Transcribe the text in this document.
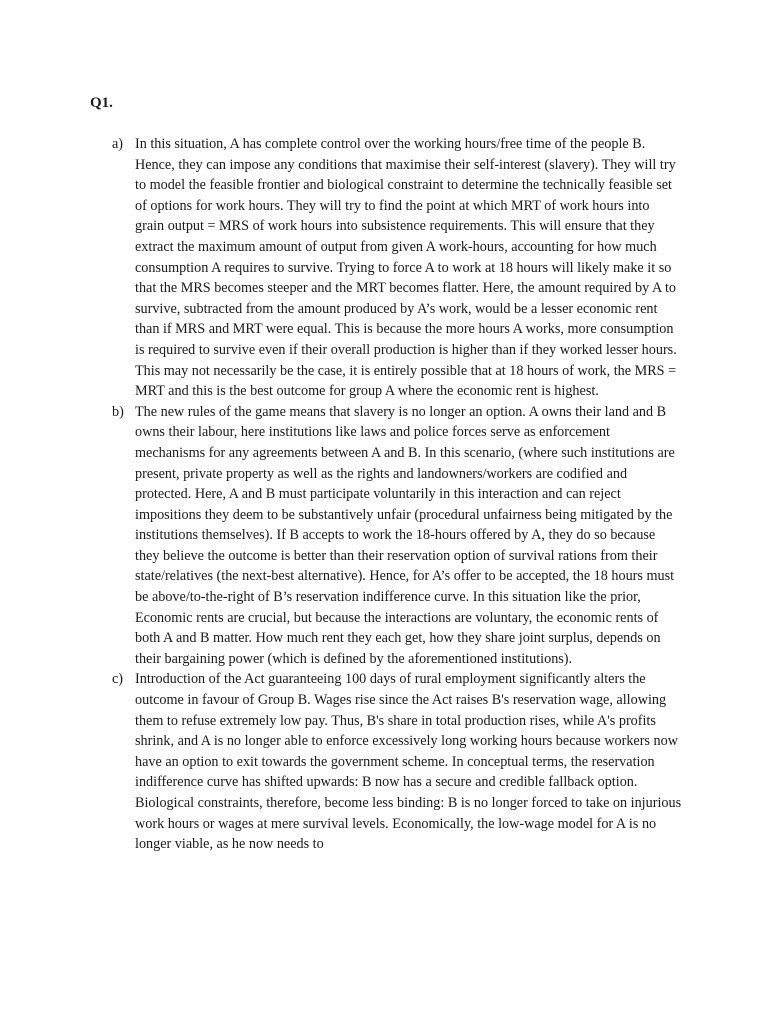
Q1.
a) In this situation, A has complete control over the working hours/free time of the people B. Hence, they can impose any conditions that maximise their self-interest (slavery). They will try to model the feasible frontier and biological constraint to determine the technically feasible set of options for work hours. They will try to find the point at which MRT of work hours into grain output = MRS of work hours into subsistence requirements. This will ensure that they extract the maximum amount of output from given A work-hours, accounting for how much consumption A requires to survive. Trying to force A to work at 18 hours will likely make it so that the MRS becomes steeper and the MRT becomes flatter. Here, the amount required by A to survive, subtracted from the amount produced by A’s work, would be a lesser economic rent than if MRS and MRT were equal. This is because the more hours A works, more consumption is required to survive even if their overall production is higher than if they worked lesser hours. This may not necessarily be the case, it is entirely possible that at 18 hours of work, the MRS = MRT and this is the best outcome for group A where the economic rent is highest.
b) The new rules of the game means that slavery is no longer an option. A owns their land and B owns their labour, here institutions like laws and police forces serve as enforcement mechanisms for any agreements between A and B. In this scenario, (where such institutions are present, private property as well as the rights and landowners/workers are codified and protected. Here, A and B must participate voluntarily in this interaction and can reject impositions they deem to be substantively unfair (procedural unfairness being mitigated by the institutions themselves). If B accepts to work the 18-hours offered by A, they do so because they believe the outcome is better than their reservation option of survival rations from their state/relatives (the next-best alternative). Hence, for A’s offer to be accepted, the 18 hours must be above/to-the-right of B’s reservation indifference curve. In this situation like the prior, Economic rents are crucial, but because the interactions are voluntary, the economic rents of both A and B matter. How much rent they each get, how they share joint surplus, depends on their bargaining power (which is defined by the aforementioned institutions).
c) Introduction of the Act guaranteeing 100 days of rural employment significantly alters the outcome in favour of Group B. Wages rise since the Act raises B's reservation wage, allowing them to refuse extremely low pay. Thus, B's share in total production rises, while A's profits shrink, and A is no longer able to enforce excessively long working hours because workers now have an option to exit towards the government scheme. In conceptual terms, the reservation indifference curve has shifted upwards: B now has a secure and credible fallback option. Biological constraints, therefore, become less binding: B is no longer forced to take on injurious work hours or wages at mere survival levels. Economically, the low-wage model for A is no longer viable, as he now needs to
